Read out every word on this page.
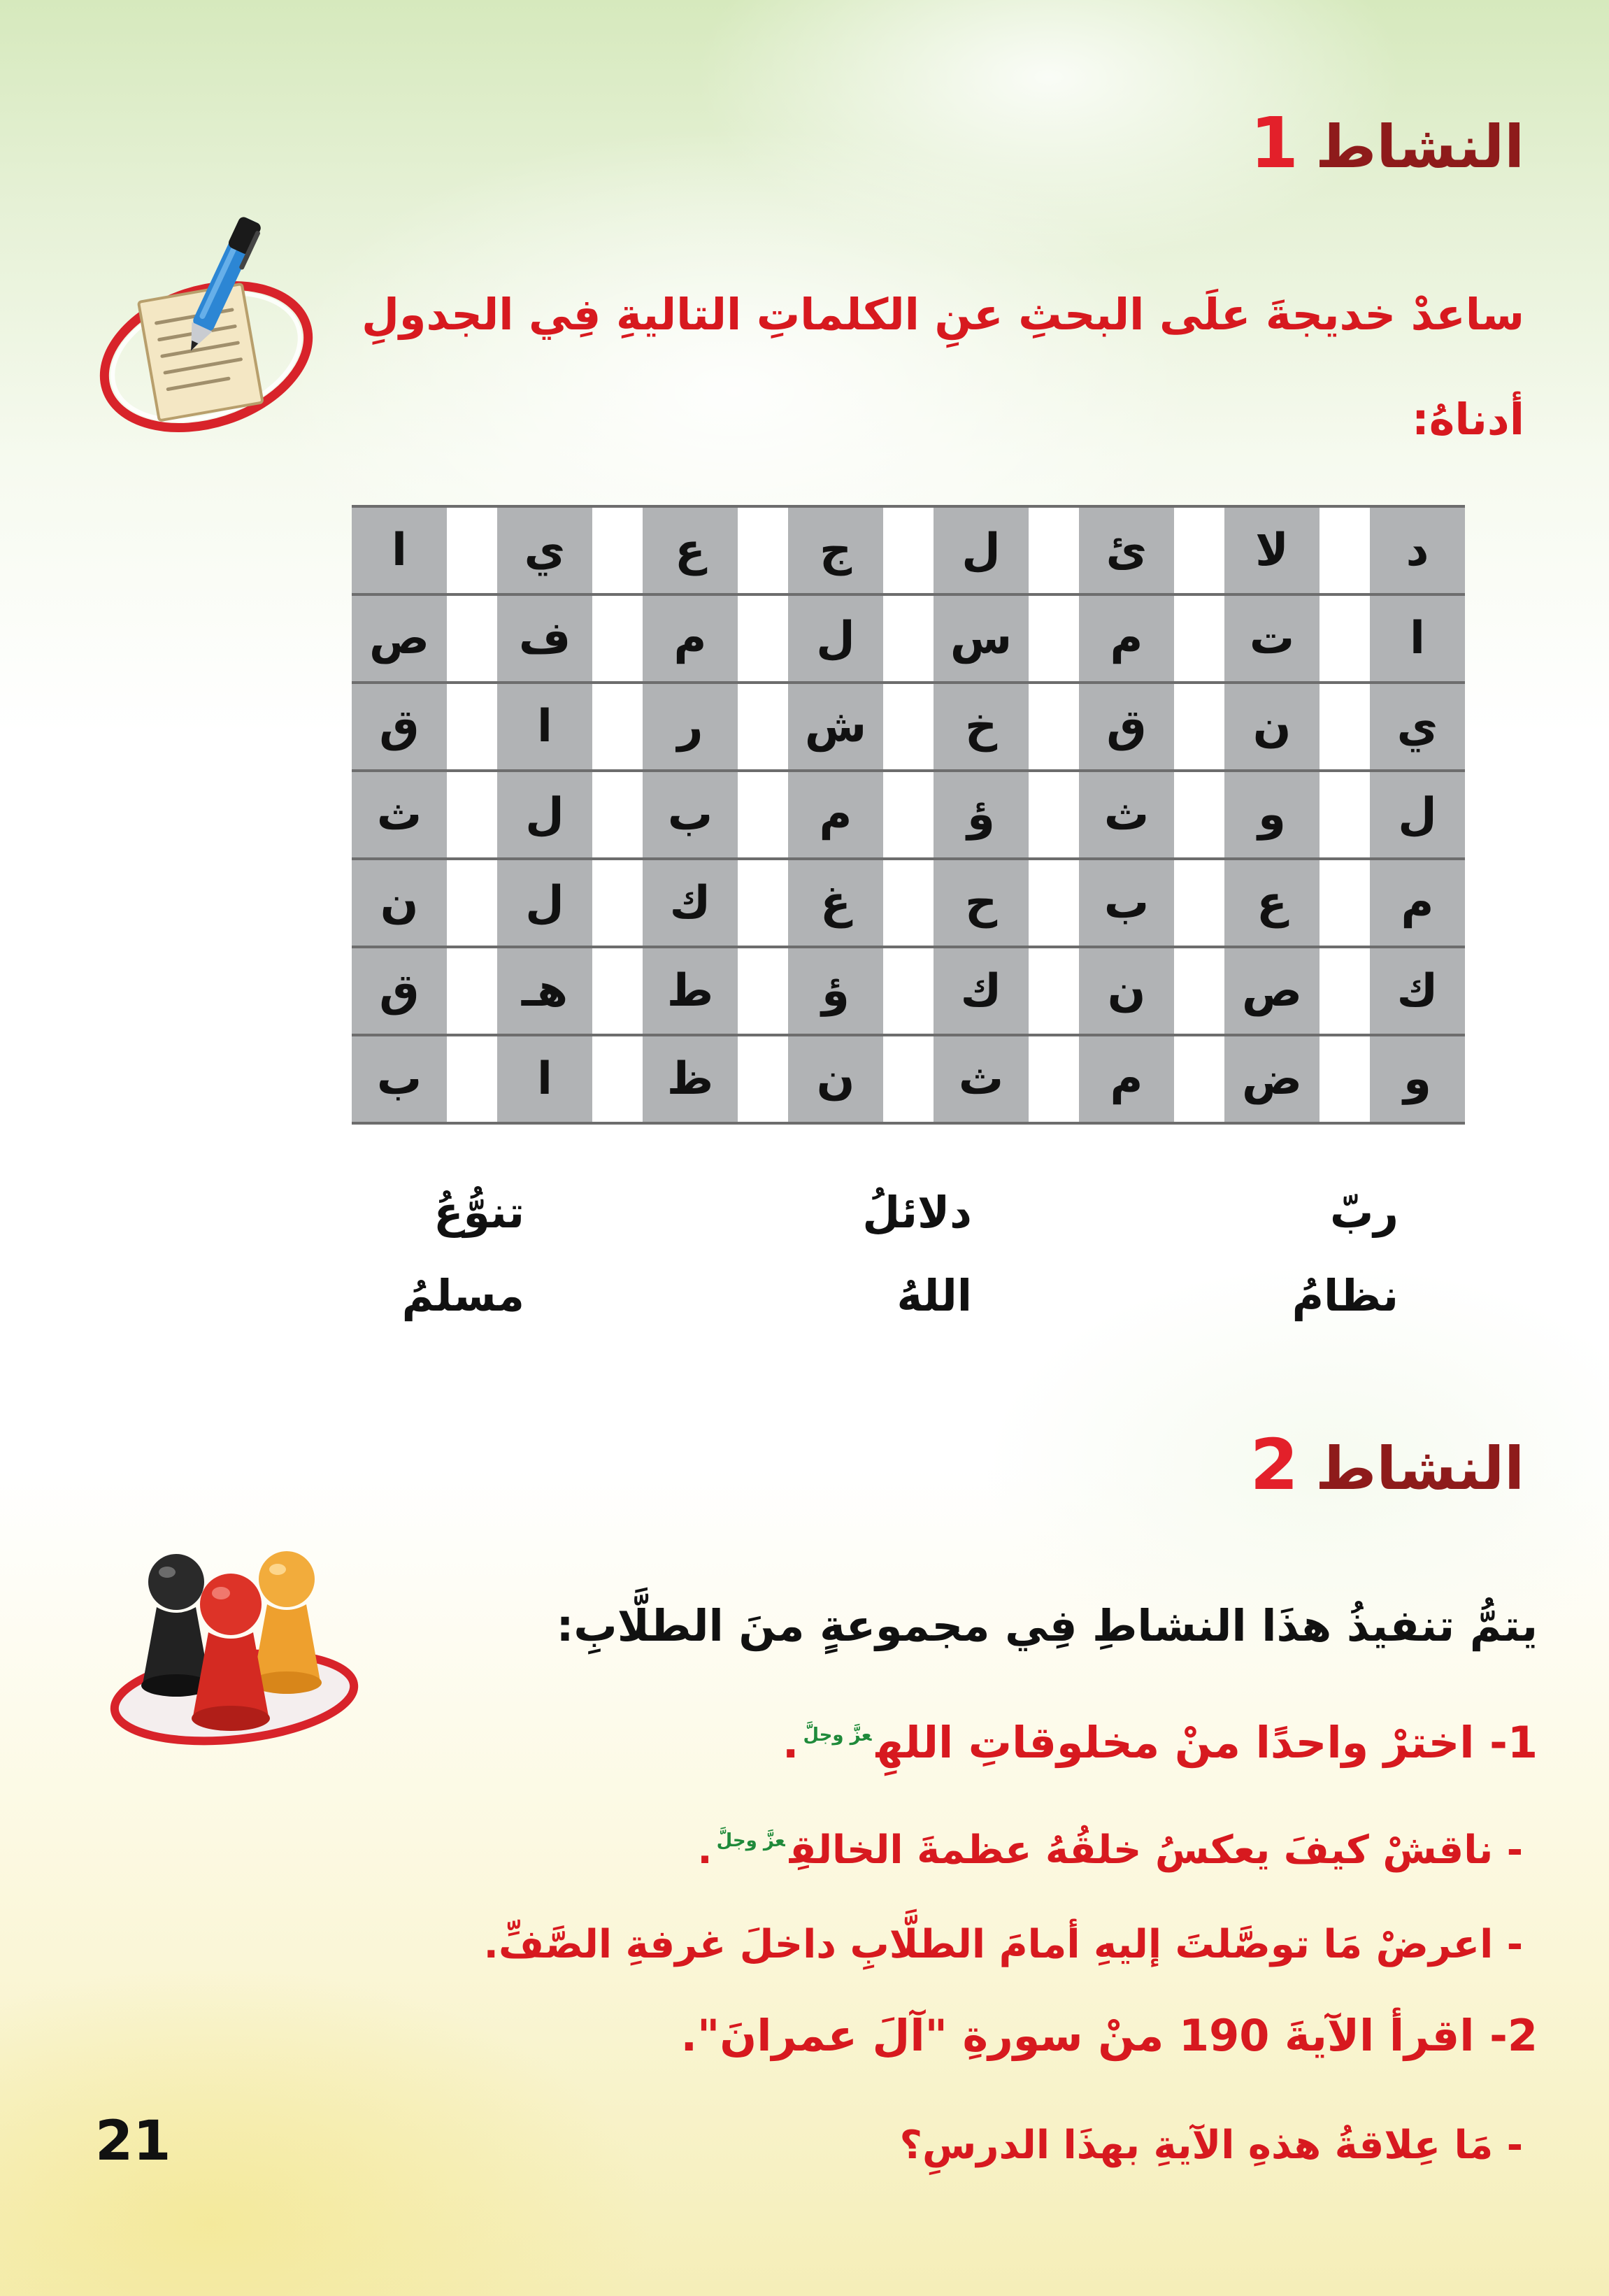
النشاط1
ساعدْ خديجةَ علَى البحثِ عنِ الكلماتِ التاليةِ فِي الجدولِ
أدناهُ:
د
لا
ئ
ل
ج
ع
ي
ا
ا
ت
م
س
ل
م
ف
ص
ي
ن
ق
خ
ش
ر
ا
ق
ل
و
ث
ؤ
م
ب
ل
ث
م
ع
ب
ح
غ
ك
ل
ن
ك
ص
ن
ك
ؤ
ط
هـ
ق
و
ض
م
ث
ن
ظ
ا
ب
ربّ
دلائلُ
تنوُّعُ
نظامُ
اللهُ
مسلمُ
النشاط2
يتمُّ تنفيذُ هذَا النشاطِ فِي مجموعةٍ منَ الطلَّابِ:
1- اخترْ واحدًا منْ مخلوقاتِ اللهِ$^{عزَّ وجلَّ}$.
- ناقشْ كيفَ يعكسُ خلقُهُ عظمةَ الخالقِ$^{عزَّ وجلَّ}$.
- اعرضْ مَا توصَّلتَ إليهِ أمامَ الطلَّابِ داخلَ غرفةِ الصَّفِّ.
2- اقرأ الآيةَ 190 منْ سورةِ "آلَ عمرانَ".
- مَا عِلاقةُ هذهِ الآيةِ بهذَا الدرسِ؟
21
